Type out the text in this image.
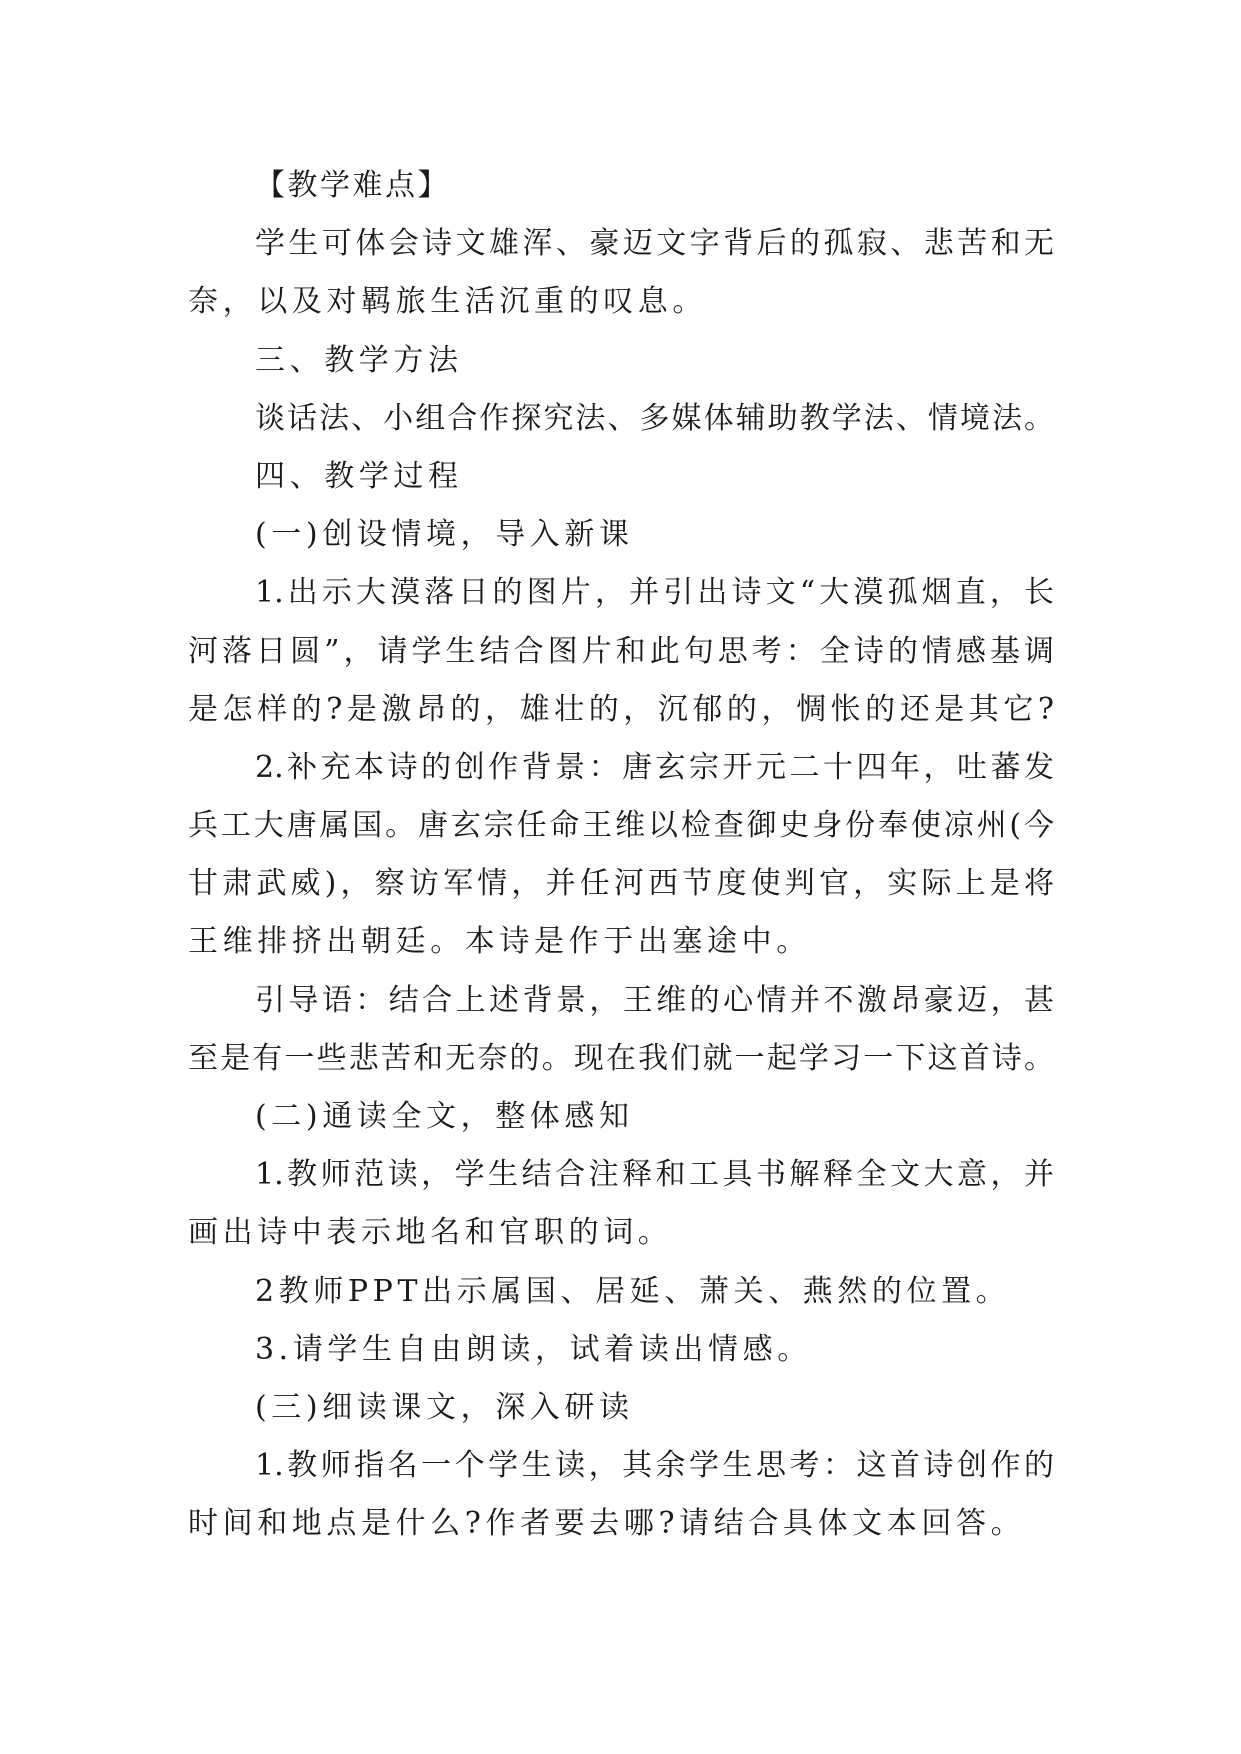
【教学难点】
学生可体会诗文雄浑、豪迈文字背后的孤寂、悲苦和无
奈，以及对羁旅生活沉重的叹息。
三、教学方法
谈话法、小组合作探究法、多媒体辅助教学法、情境法。
四、教学过程
(一)创设情境，导入新课
1.出示大漠落日的图片，并引出诗文“大漠孤烟直，长
河落日圆”，请学生结合图片和此句思考：全诗的情感基调
是怎样的?是激昂的，雄壮的，沉郁的，惆怅的还是其它?
2.补充本诗的创作背景：唐玄宗开元二十四年，吐蕃发
兵工大唐属国。唐玄宗任命王维以检查御史身份奉使凉州(今
甘肃武威)，察访军情，并任河西节度使判官，实际上是将
王维排挤出朝廷。本诗是作于出塞途中。
引导语：结合上述背景，王维的心情并不激昂豪迈，甚
至是有一些悲苦和无奈的。现在我们就一起学习一下这首诗。
(二)通读全文，整体感知
1.教师范读，学生结合注释和工具书解释全文大意，并
画出诗中表示地名和官职的词。
2教师PPT出示属国、居延、萧关、燕然的位置。
3.请学生自由朗读，试着读出情感。
(三)细读课文，深入研读
1.教师指名一个学生读，其余学生思考：这首诗创作的
时间和地点是什么?作者要去哪?请结合具体文本回答。
